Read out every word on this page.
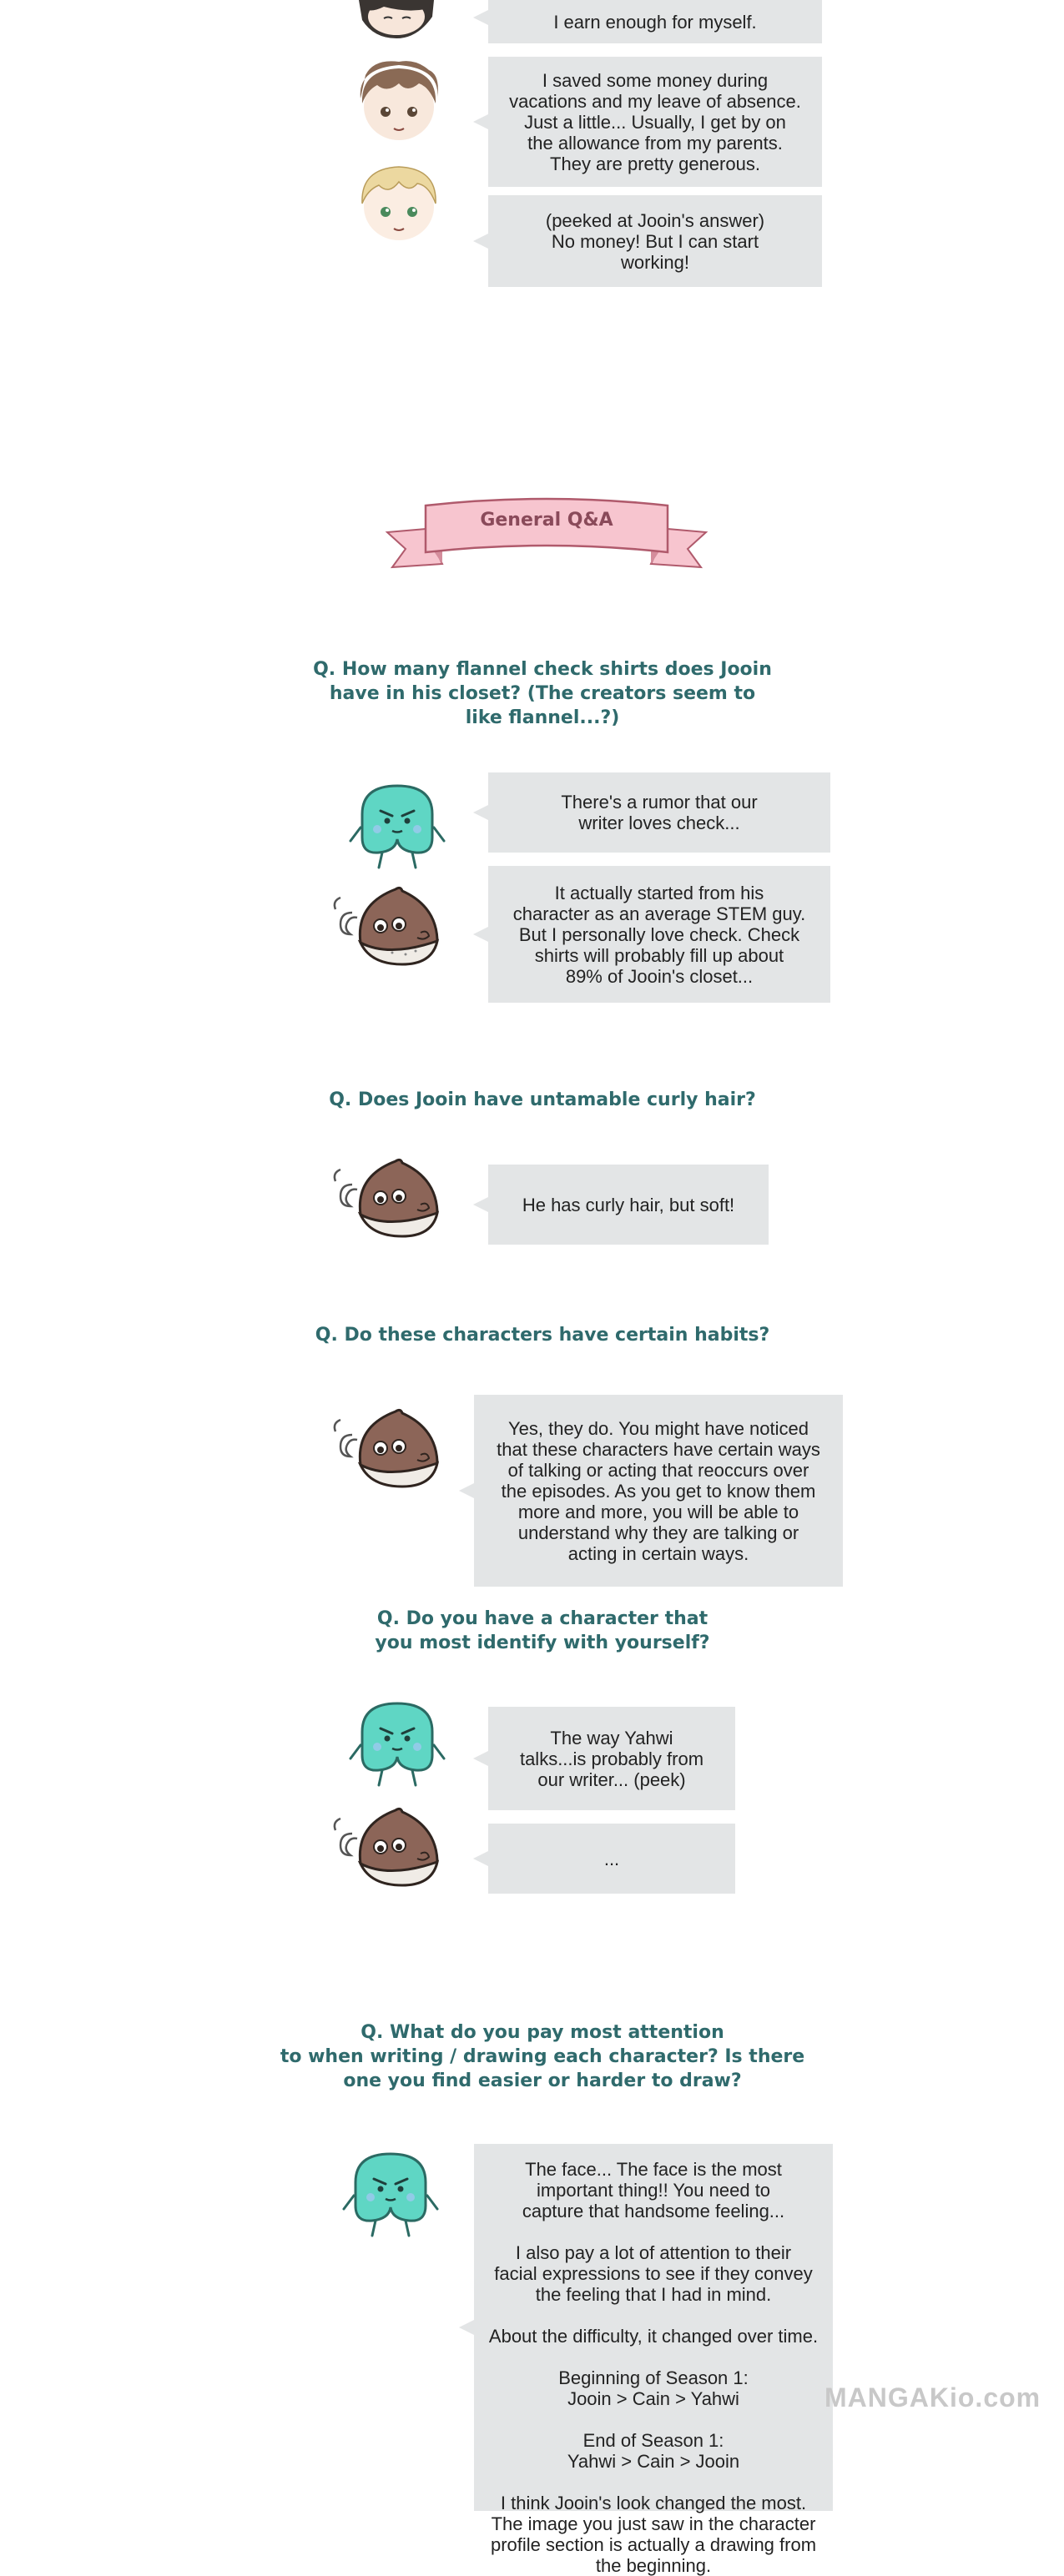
I earn enough for myself.
I saved some money during
vacations and my leave of absence.
Just a little... Usually, I get by on
the allowance from my parents.
They are pretty generous.
(peeked at Jooin's answer)
No money! But I can start
working!
General Q&A
Q. How many flannel check shirts does Jooin
have in his closet? (The creators seem to
like flannel...?)
There's a rumor that our
writer loves check...
It actually started from his
character as an average STEM guy.
But I personally love check. Check
shirts will probably fill up about
89% of Jooin's closet...
Q. Does Jooin have untamable curly hair?
He has curly hair, but soft!
Q. Do these characters have certain habits?
Yes, they do. You might have noticed
that these characters have certain ways
of talking or acting that reoccurs over
the episodes. As you get to know them
more and more, you will be able to
understand why they are talking or
acting in certain ways.
Q. Do you have a character that
you most identify with yourself?
The way Yahwi
talks...is probably from
our writer... (peek)
...
Q. What do you pay most attention
to when writing / drawing each character? Is there
one you find easier or harder to draw?
The face... The face is the most
important thing!! You need to
capture that handsome feeling...

I also pay a lot of attention to their
facial expressions to see if they convey
the feeling that I had in mind.

About the difficulty, it changed over time.

Beginning of Season 1:
Jooin > Cain > Yahwi

End of Season 1:
Yahwi > Cain > Jooin

I think Jooin's look changed the most.
The image you just saw in the character
profile section is actually a drawing from
the beginning.
MANGAKio.com
